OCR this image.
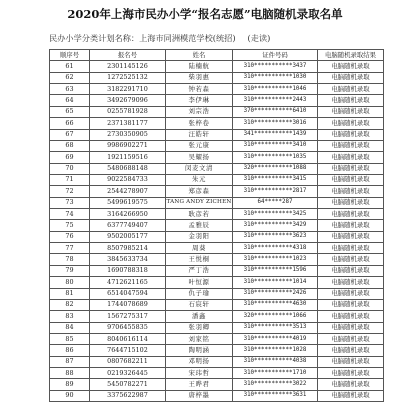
2020年上海市民办小学“报名志愿”电脑随机录取名单
民办小学分类计划名称：上海市同洲模范学校(统招) (走读)
顺序号	报名号	姓名	证件号码	电脑随机录取结果
61	2301145126	陆楠航	310***********3437	电脑随机录取
62	1272525132	柴羽惠	310***********1030	电脑随机录取
63	3182291710	钟若森	310***********1046	电脑随机录取
64	3492679096	李伊琳	310***********2443	电脑随机录取
65	0255781928	刘宗浩	370***********6410	电脑随机录取
66	2371381177	张梓卷	310***********3016	电脑随机录取
67	2730350905	汪皓轩	341***********1439	电脑随机录取
68	9986902271	张元康	310***********3410	电脑随机录取
69	1921159516	吴耀扬	310***********1035	电脑随机录取
70	5480688148	闵麦文清	320***********1088	电脑随机录取
71	9022584733	朱元	310***********3415	电脑随机录取
72	2544278907	郑彦森	310***********2817	电脑随机录取
73	5499619575	TANG ANDY ZICHEN	64*****287	电脑随机录取
74	3164266950	耿彦若	310***********3425	电脑随机录取
75	6377749407	孟雅辰	310***********3429	电脑随机录取
76	9502005177	金羽阳	310***********3623	电脑随机录取
77	8507985214	周葵	310***********4318	电脑随机录取
78	3845633734	王悦桐	310***********1023	电脑随机录取
79	1690788318	严丁浩	310***********1596	电脑随机录取
80	4712621165	叶恒源	310***********1014	电脑随机录取
81	6514047594	仇子瑜	310***********2426	电脑随机录取
82	1744078689	石宸轩	310***********4630	电脑随机录取
83	1567275317	潘鑫	320***********1066	电脑随机录取
84	9706455835	张羽卿	310***********3513	电脑随机录取
85	8040616114	刘家铭	310***********4019	电脑随机录取
86	7644715102	陶明涵	310***********1028	电脑随机录取
87	0807682211	邓明扬	310***********4038	电脑随机录取
88	0219326445	宋玮哲	310***********1710	电脑随机录取
89	5450782271	王晔君	310***********3022	电脑随机录取
90	3375622987	唐梓墨	310***********3631	电脑随机录取
